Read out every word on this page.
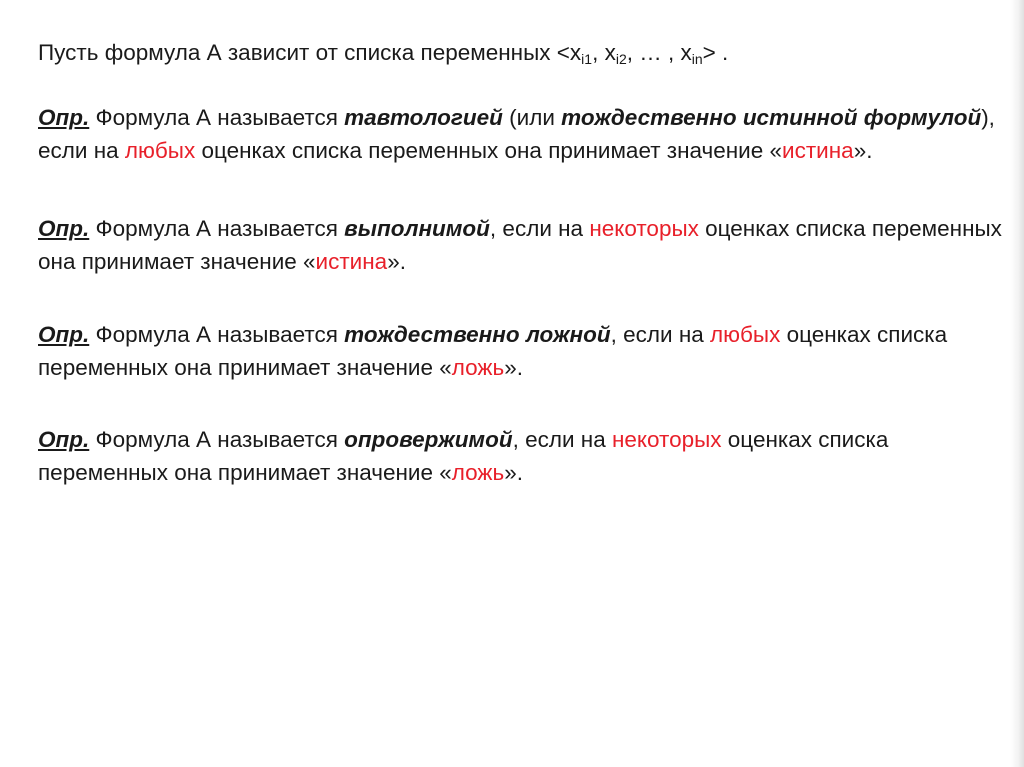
Пусть формула А зависит от списка переменных $<x_{i1}$, $x_{i2}$, … , $x_{in}>$ .

Опр. Формула А называется тавтологией (или тождественно истинной формулой), если на любых оценках списка переменных она принимает значение «истина».

Опр. Формула А называется выполнимой, если на некоторых оценках списка переменных она принимает значение «истина».

Опр. Формула А называется тождественно ложной, если на любых оценках списка переменных она принимает значение «ложь».

Опр. Формула А называется опровержимой, если на некоторых оценках списка переменных она принимает значение «ложь».
